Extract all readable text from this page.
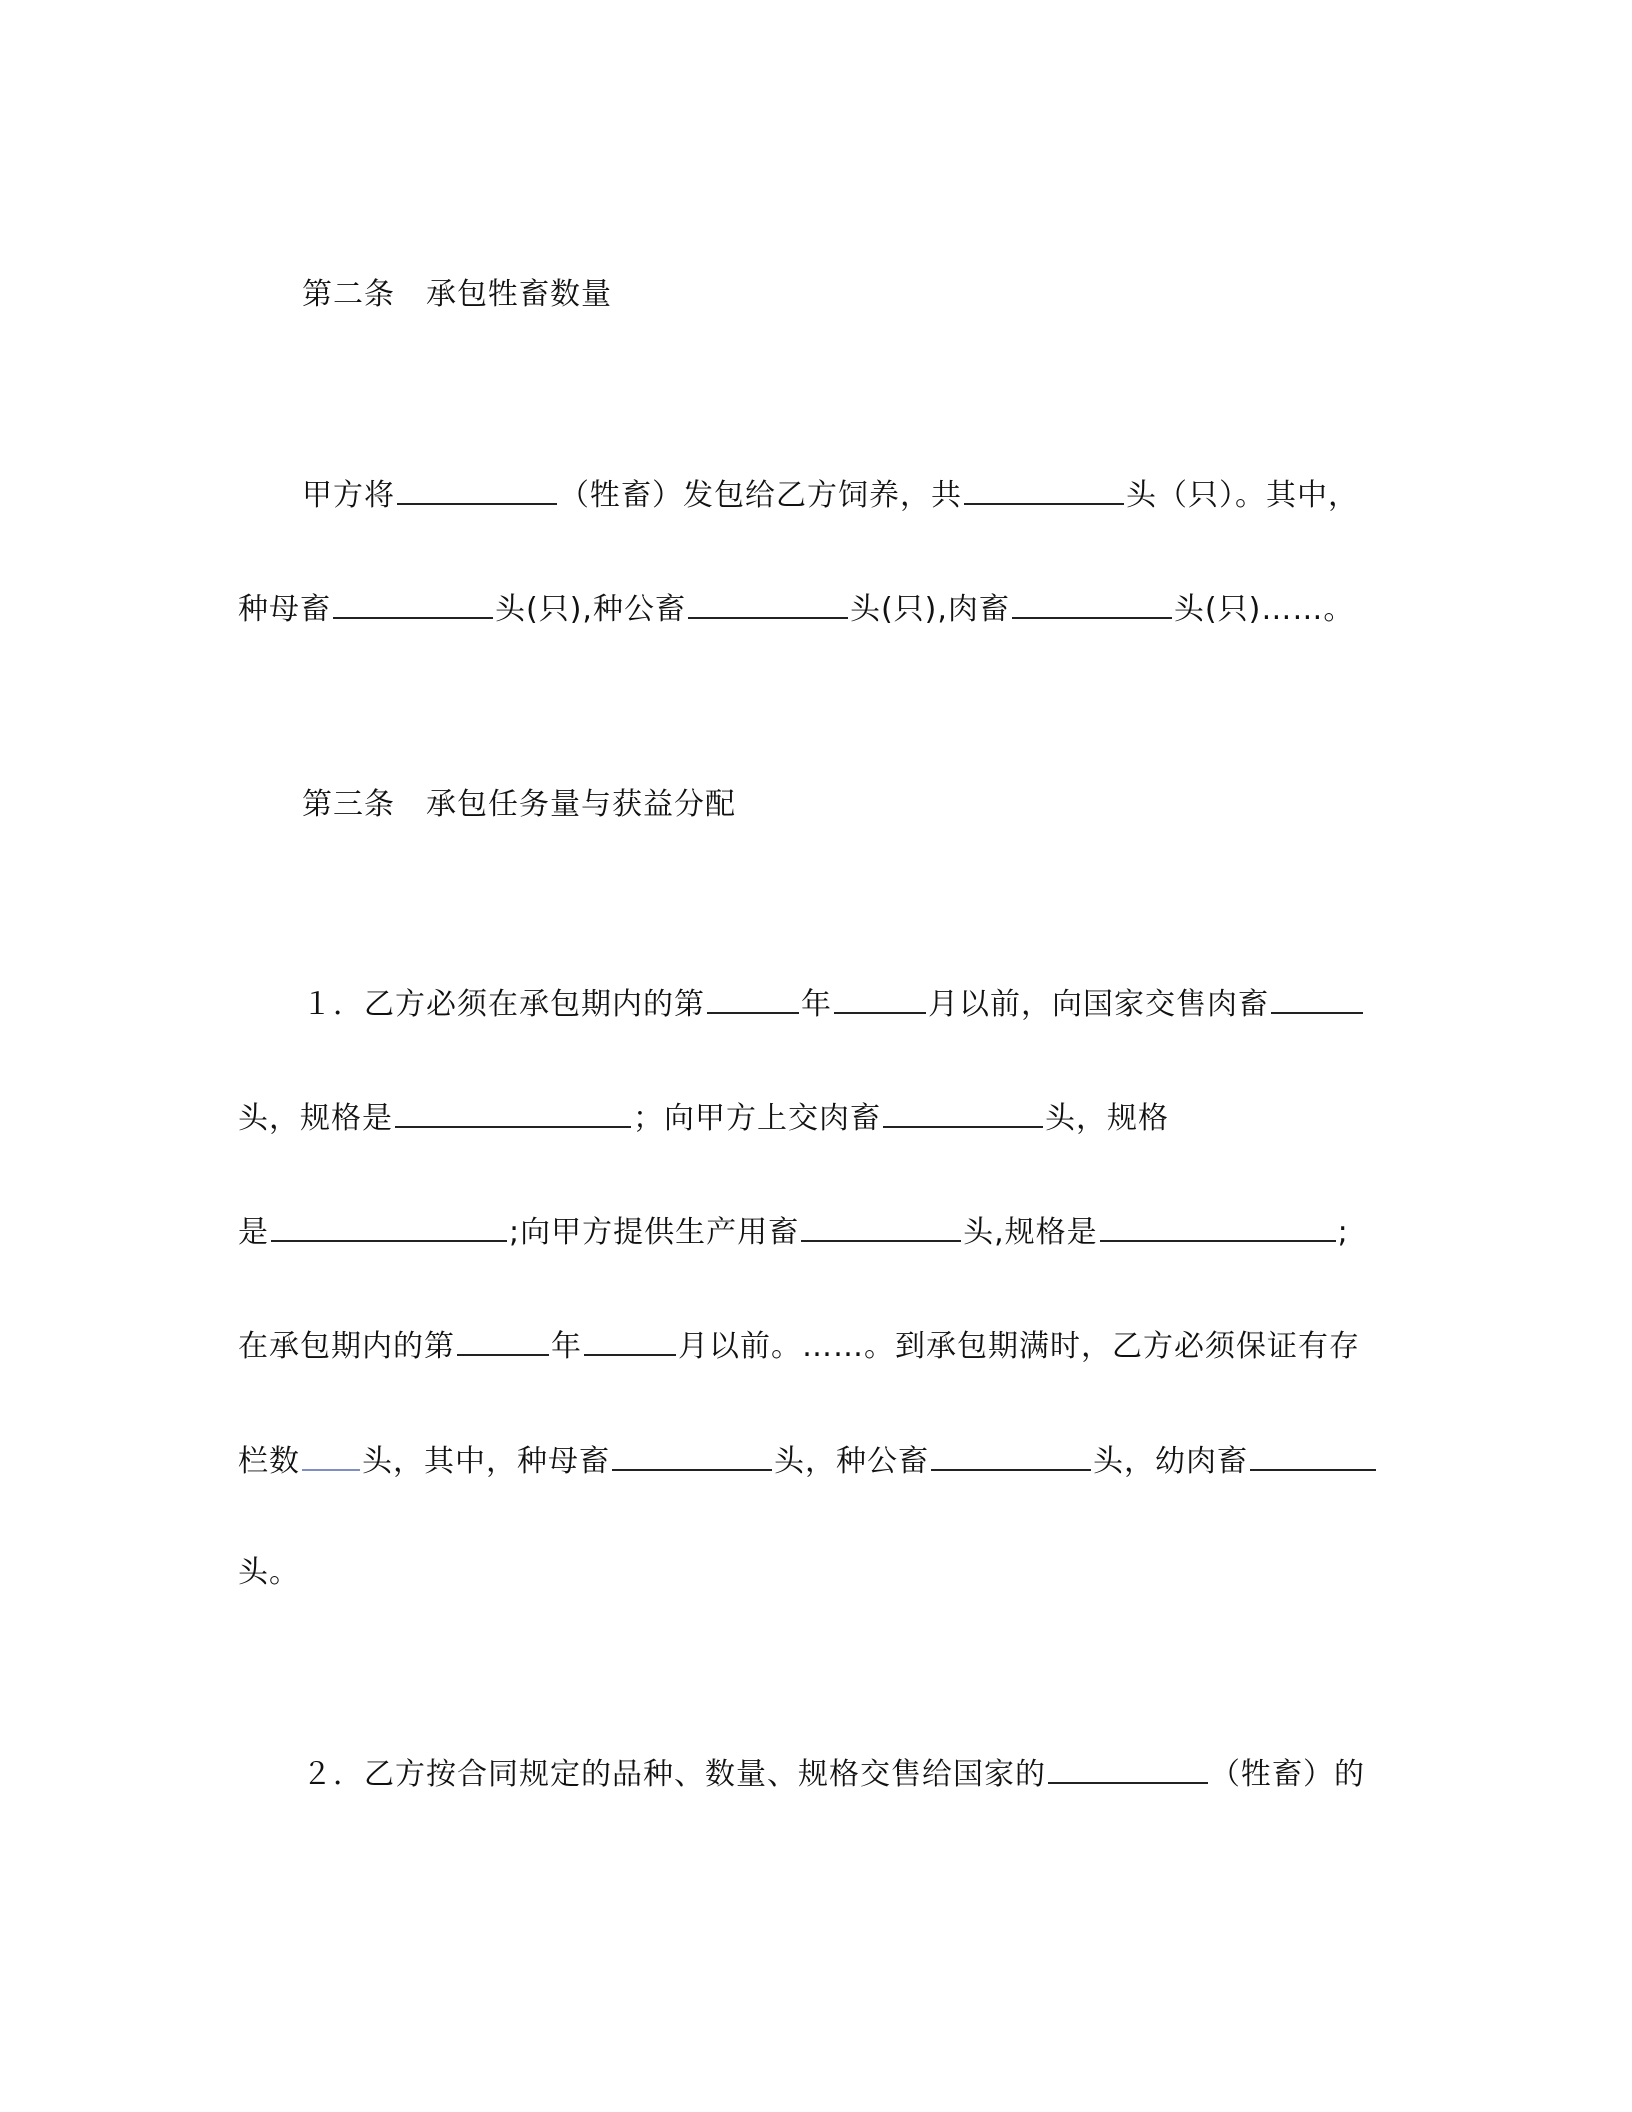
第二条　承包牲畜数量
甲方将	（牲畜）发包给乙方饲养，共	头（只）。其中，
种母畜	头(只),种公畜	头(只),肉畜	头(只)……。
第三条　承包任务量与获益分配
１．乙方必须在承包期内的第	年	月以前，向国家交售肉畜
头，规格是	；向甲方上交肉畜	头，规格
是	;向甲方提供生产用畜	头,规格是	;
在承包期内的第	年	月以前。……。到承包期满时，乙方必须保证有存
栏数 头，其中，种母畜	头，种公畜	头，幼肉畜
头。
２．乙方按合同规定的品种、数量、规格交售给国家的	（牲畜）的
